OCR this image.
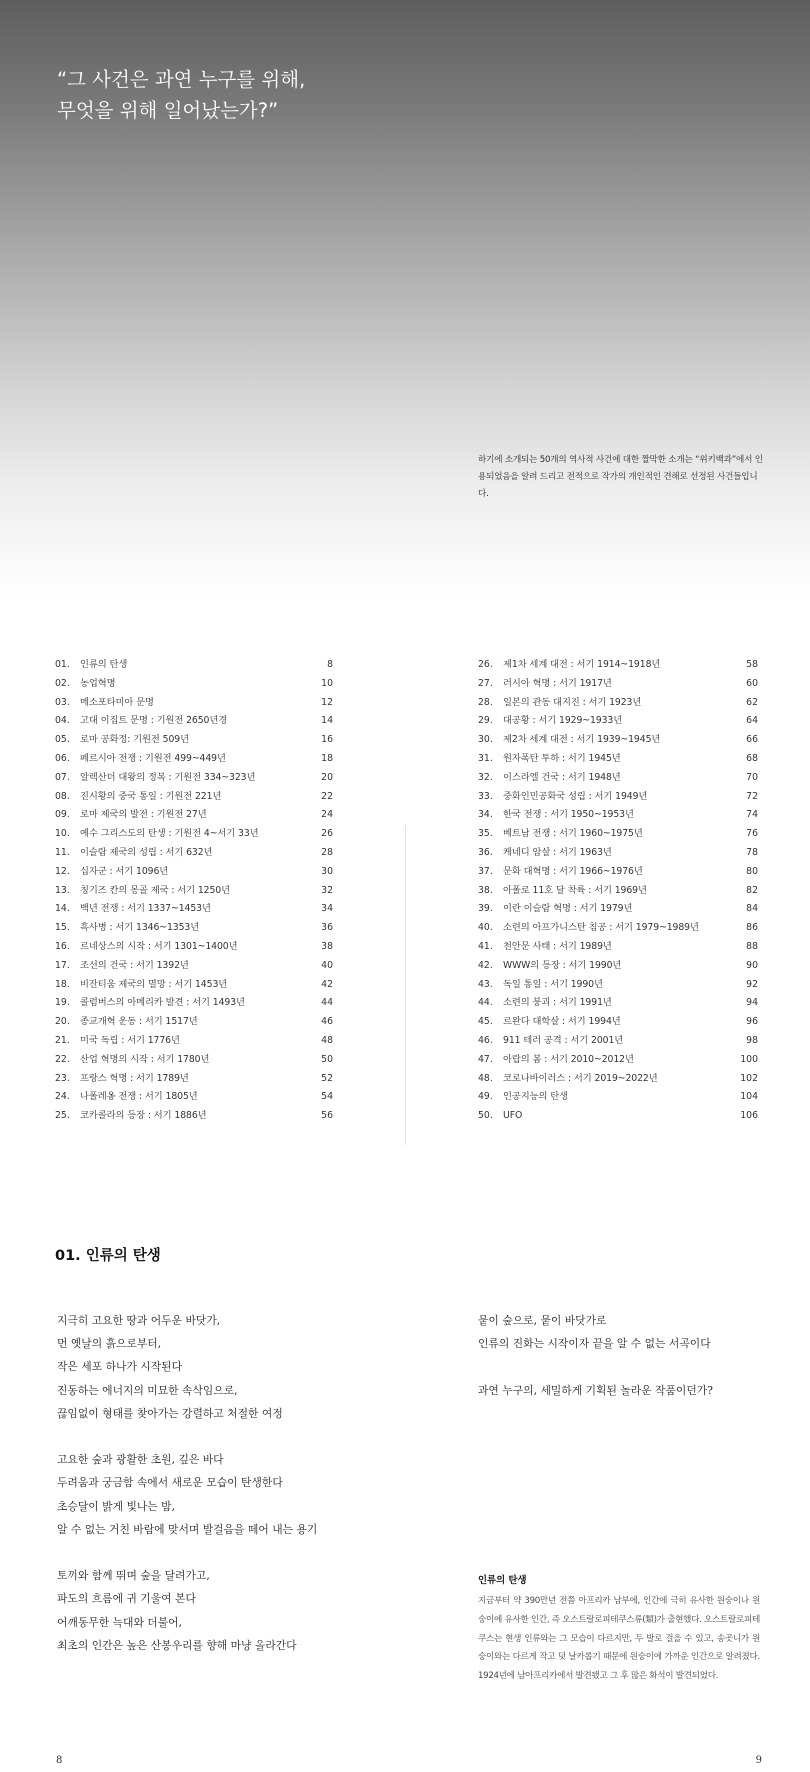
“그 사건은 과연 누구를 위해,
무엇을 위해 일어났는가?”

하기에 소개되는 50개의 역사적 사건에 대한 짤막한 소개는 “위키백과”에서 인용되었음을 알려 드리고 전적으로 작가의 개인적인 견해로 선정된 사건들입니다.

01. 인류의 탄생	8
02. 농업혁명	10
03. 메소포타미아 문명	12
04. 고대 이집트 문명 : 기원전 2650년경	14
05. 로마 공화정: 기원전 509년	16
06. 페르시아 전쟁 : 기원전 499~449년	18
07. 알렉산더 대왕의 정복 : 기원전 334~323년	20
08. 진시황의 중국 통일 : 기원전 221년	22
09. 로마 제국의 발전 : 기원전 27년	24
10. 예수 그리스도의 탄생 : 기원전 4~서기 33년	26
11. 이슬람 제국의 성립 : 서기 632년	28
12. 십자군 : 서기 1096년	30
13. 칭기즈 칸의 몽골 제국 : 서기 1250년	32
14. 백년 전쟁 : 서기 1337~1453년	34
15. 흑사병 : 서기 1346~1353년	36
16. 르네상스의 시작 : 서기 1301~1400년	38
17. 조선의 건국 : 서기 1392년	40
18. 비잔티움 제국의 멸망 : 서기 1453년	42
19. 콜럼버스의 아메리카 발견 : 서기 1493년	44
20. 종교개혁 운동 : 서기 1517년	46
21. 미국 독립 : 서기 1776년	48
22. 산업 혁명의 시작 : 서기 1780년	50
23. 프랑스 혁명 : 서기 1789년	52
24. 나폴레옹 전쟁 : 서기 1805년	54
25. 코카콜라의 등장 : 서기 1886년	56
26. 제1차 세계 대전 : 서기 1914~1918년	58
27. 러시아 혁명 : 서기 1917년	60
28. 일본의 관동 대지진 : 서기 1923년	62
29. 대공황 : 서기 1929~1933년	64
30. 제2차 세계 대전 : 서기 1939~1945년	66
31. 원자폭탄 투하 : 서기 1945년	68
32. 이스라엘 건국 : 서기 1948년	70
33. 중화인민공화국 성립 : 서기 1949년	72
34. 한국 전쟁 : 서기 1950~1953년	74
35. 베트남 전쟁 : 서기 1960~1975년	76
36. 케네디 암살 : 서기 1963년	78
37. 문화 대혁명 : 서기 1966~1976년	80
38. 아폴로 11호 달 착륙 : 서기 1969년	82
39. 이란 이슬람 혁명 : 서기 1979년	84
40. 소련의 아프가니스탄 침공 : 서기 1979~1989년	86
41. 천안문 사태 : 서기 1989년	88
42. WWW의 등장 : 서기 1990년	90
43. 독일 통일 : 서기 1990년	92
44. 소련의 붕괴 : 서기 1991년	94
45. 르완다 대학살 : 서기 1994년	96
46. 911 테러 공격 : 서기 2001년	98
47. 아랍의 봄 : 서기 2010~2012년	100
48. 코로나바이러스 : 서기 2019~2022년	102
49. 인공지능의 탄생	104
50. UFO	106
01. 인류의 탄생

지극히 고요한 땅과 어두운 바닷가,
먼 옛날의 흙으로부터,
작은 세포 하나가 시작된다
진동하는 에너지의 미묘한 속삭임으로,
끊임없이 형태를 찾아가는 강렬하고 처절한 여정

고요한 숲과 광활한 초원, 깊은 바다
두려움과 궁금함 속에서 새로운 모습이 탄생한다
초승달이 밝게 빛나는 밤,
알 수 없는 거친 바람에 맞서며 발걸음을 떼어 내는 용기

토끼와 함께 뛰며 숲을 달려가고,
파도의 흐름에 귀 기울여 본다
어깨동무한 늑대와 더불어,
최초의 인간은 높은 산봉우리를 향해 마냥 올라간다

뭍이 숲으로, 뭍이 바닷가로
인류의 진화는 시작이자 끝을 알 수 없는 서곡이다

과연 누구의, 세밀하게 기획된 놀라운 작품이던가?

인류의 탄생

지금부터 약 390만년 전쯤 아프리카 남부에, 인간에 극히 유사한 원숭이나 원숭이에 유사한 인간, 즉 오스트랄로피테쿠스류(類)가 출현했다. 오스트랄로피테쿠스는 현생 인류와는 그 모습이 다르지만, 두 발로 걸을 수 있고, 송곳니가 원숭이와는 다르게 작고 덧 날카롭기 때문에 원숭이에 가까운 인간으로 알려졌다. 1924년에 남아프리카에서 발견됐고 그 후 많은 화석이 발견되었다.

8	9
